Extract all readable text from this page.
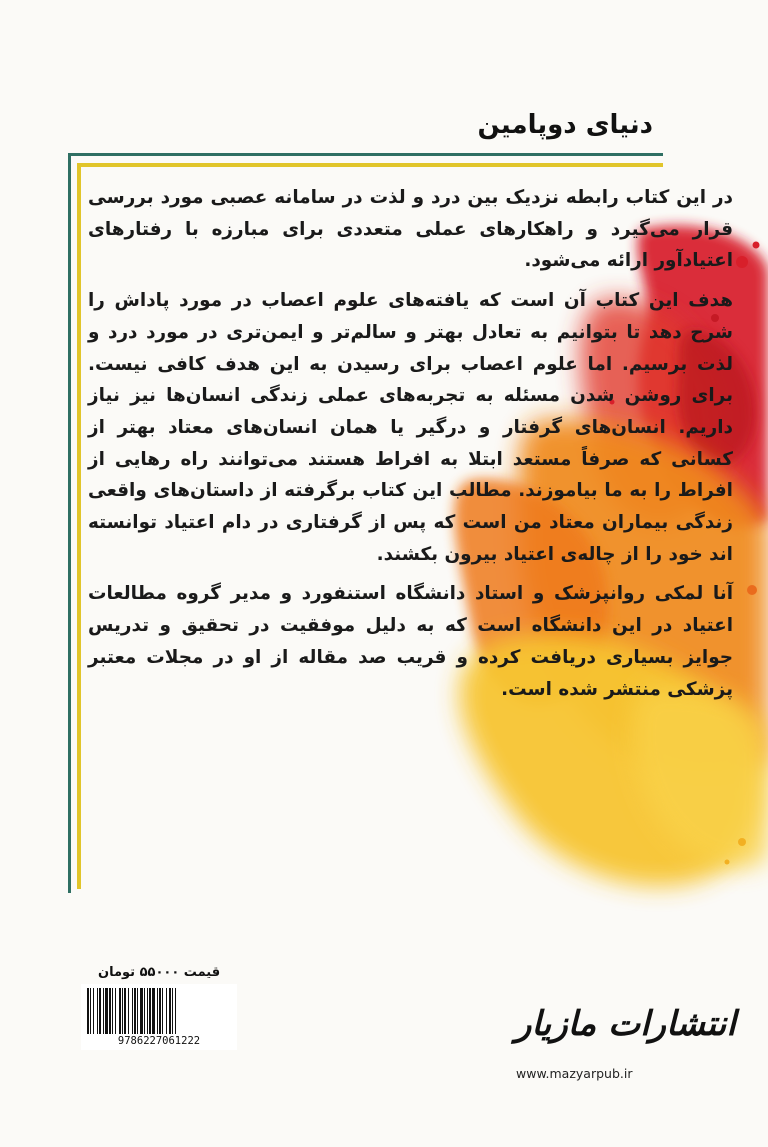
دنیای دوپامین

در این کتاب رابطه نزدیک بین درد و لذت در سامانه عصبی مورد بررسی قرار می‌گیرد و راهکارهای عملی متعددی برای مبارزه با رفتارهای اعتیادآور ارائه می‌شود.

هدف این کتاب آن است که یافته‌های علوم اعصاب در مورد پاداش را شرح دهد تا بتوانیم به تعادل بهتر و سالم‌تر و ایمن‌تری در مورد درد و لذت برسیم. اما علوم اعصاب برای رسیدن به این هدف کافی نیست. برای روشن شدن مسئله به تجربه‌های عملی زندگی انسان‌ها نیز نیاز داریم. انسان‌های گرفتار و درگیر یا همان انسان‌های معتاد بهتر از کسانی که صرفاً مستعد ابتلا به افراط هستند می‌توانند راه رهایی از افراط را به ما بیاموزند. مطالب این کتاب برگرفته از داستان‌های واقعی زندگی بیماران معتاد من است که پس از گرفتاری در دام اعتیاد توانسته اند خود را از چاله‌ی اعتیاد بیرون بکشند.

آنا لمکی روانپزشک و استاد دانشگاه استنفورد و مدیر گروه مطالعات اعتیاد در این دانشگاه است که به دلیل موفقیت در تحقیق و تدریس جوایز بسیاری دریافت کرده و قریب صد مقاله از او در مجلات معتبر پزشکی منتشر شده است.

قیمت ۵۵۰۰۰ تومان
9786227061222	انتشارات مازیار
www.mazyarpub.ir
